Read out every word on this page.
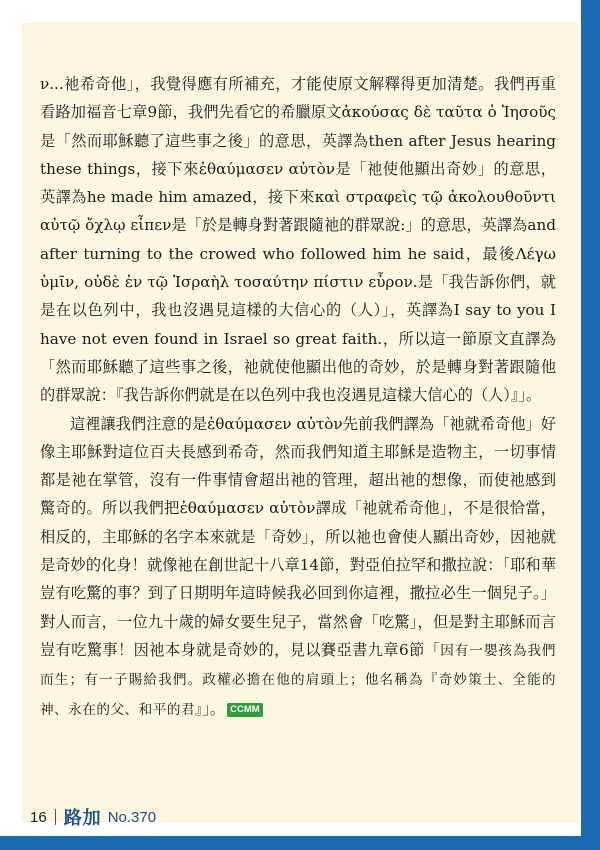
ν...祂希奇他」，我覺得應有所補充，才能使原文解釋得更加清楚。我們再重看路加福音七章9節，我們先看它的希臘原文ἀκούσας δὲ ταῦτα ὁ Ἰησοῦς是「然而耶穌聽了這些事之後」的意思，英譯為then after Jesus hearing these things，接下來ἐθαύμασεν αὐτὸν是「祂使他顯出奇妙」的意思，英譯為he made him amazed，接下來καὶ στραφεὶς τῷ ἀκολουθοῦντι αὐτῷ ὄχλῳ εἶπεν是「於是轉身對著跟隨祂的群眾說:」的意思，英譯為and after turning to the crowed who followed him he said，最後Λέγω ὑμῖν, οὐδὲ ἐν τῷ Ἰσραὴλ τοσαύτην πίστιν εὗρον.是「我告訴你們，就是在以色列中，我也沒遇見這樣的大信心的（人）」，英譯為I say to you I have not even found in Israel so great faith.，所以這一節原文直譯為「然而耶穌聽了這些事之後，祂就使他顯出他的奇妙，於是轉身對著跟隨他的群眾說：『我告訴你們就是在以色列中我也沒遇見這樣大信心的（人）』」。

這裡讓我們注意的是ἐθαύμασεν αὐτὸν先前我們譯為「祂就希奇他」好像主耶穌對這位百夫長感到希奇，然而我們知道主耶穌是造物主，一切事情都是祂在掌管，沒有一件事情會超出祂的管理，超出祂的想像，而使祂感到驚奇的。所以我們把ἐθαύμασεν αὐτὸν譯成「祂就希奇他」，不是很恰當，相反的，主耶穌的名字本來就是「奇妙」，所以祂也會使人顯出奇妙，因祂就是奇妙的化身！就像祂在創世記十八章14節，對亞伯拉罕和撒拉說：「耶和華豈有吃驚的事？到了日期明年這時候我必回到你這裡，撒拉必生一個兒子。」對人而言，一位九十歲的婦女要生兒子，當然會「吃驚」，但是對主耶穌而言豈有吃驚事！因祂本身就是奇妙的，見以賽亞書九章6節「因有一嬰孩為我們而生；有一子賜給我們。政權必擔在他的肩頭上；他名稱為『奇妙策士、全能的　神、永在的父、和平的君』」。 CCMM

16 路加 No.370
